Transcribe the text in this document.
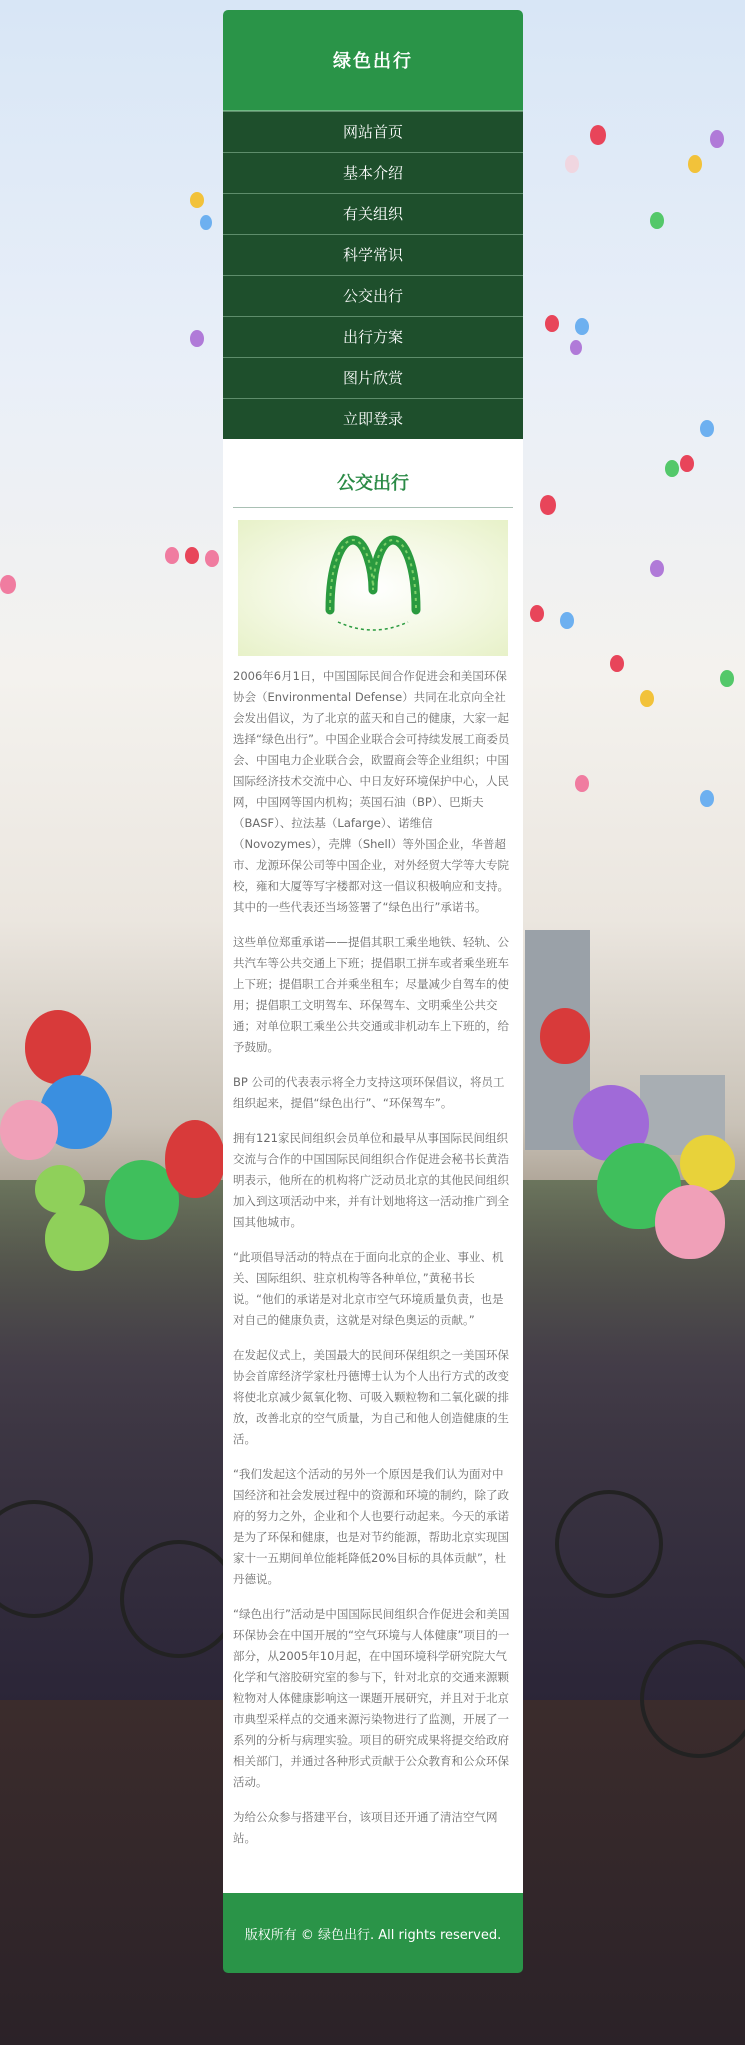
绿色出行
网站首页
基本介绍
有关组织
科学常识
公交出行
出行方案
图片欣赏
立即登录
公交出行

2006年6月1日，中国国际民间合作促进会和美国环保协会（Environmental Defense）共同在北京向全社会发出倡议，为了北京的蓝天和自己的健康，大家一起选择“绿色出行”。中国企业联合会可持续发展工商委员会、中国电力企业联合会，欧盟商会等企业组织；中国国际经济技术交流中心、中日友好环境保护中心，人民网，中国网等国内机构；英国石油（BP）、巴斯夫（BASF）、拉法基（Lafarge）、诺维信（Novozymes），壳牌（Shell）等外国企业，华普超市、龙源环保公司等中国企业，对外经贸大学等大专院校，雍和大厦等写字楼都对这一倡议积极响应和支持。其中的一些代表还当场签署了“绿色出行”承诺书。

这些单位郑重承诺——提倡其职工乘坐地铁、轻轨、公共汽车等公共交通上下班；提倡职工拼车或者乘坐班车上下班；提倡职工合并乘坐租车；尽量减少自驾车的使用；提倡职工文明驾车、环保驾车、文明乘坐公共交通；对单位职工乘坐公共交通或非机动车上下班的，给予鼓励。

BP 公司的代表表示将全力支持这项环保倡议，将员工组织起来，提倡“绿色出行”、“环保驾车”。

拥有121家民间组织会员单位和最早从事国际民间组织交流与合作的中国国际民间组织合作促进会秘书长黄浩明表示，他所在的机构将广泛动员北京的其他民间组织加入到这项活动中来，并有计划地将这一活动推广到全国其他城市。

“此项倡导活动的特点在于面向北京的企业、事业、机关、国际组织、驻京机构等各种单位，”黄秘书长说。“他们的承诺是对北京市空气环境质量负责，也是对自己的健康负责，这就是对绿色奥运的贡献。”

在发起仪式上，美国最大的民间环保组织之一美国环保协会首席经济学家杜丹德博士认为个人出行方式的改变将使北京减少氮氧化物、可吸入颗粒物和二氧化碳的排放，改善北京的空气质量，为自己和他人创造健康的生活。

“我们发起这个活动的另外一个原因是我们认为面对中国经济和社会发展过程中的资源和环境的制约，除了政府的努力之外，企业和个人也要行动起来。今天的承诺是为了环保和健康，也是对节约能源，帮助北京实现国家十一五期间单位能耗降低20%目标的具体贡献”，杜丹德说。

“绿色出行”活动是中国国际民间组织合作促进会和美国环保协会在中国开展的“空气环境与人体健康”项目的一部分，从2005年10月起，在中国环境科学研究院大气化学和气溶胶研究室的参与下，针对北京的交通来源颗粒物对人体健康影响这一课题开展研究，并且对于北京市典型采样点的交通来源污染物进行了监测，开展了一系列的分析与病理实验。项目的研究成果将提交给政府相关部门，并通过各种形式贡献于公众教育和公众环保活动。

为给公众参与搭建平台，该项目还开通了清洁空气网站。

版权所有 © 绿色出行. All rights reserved.
